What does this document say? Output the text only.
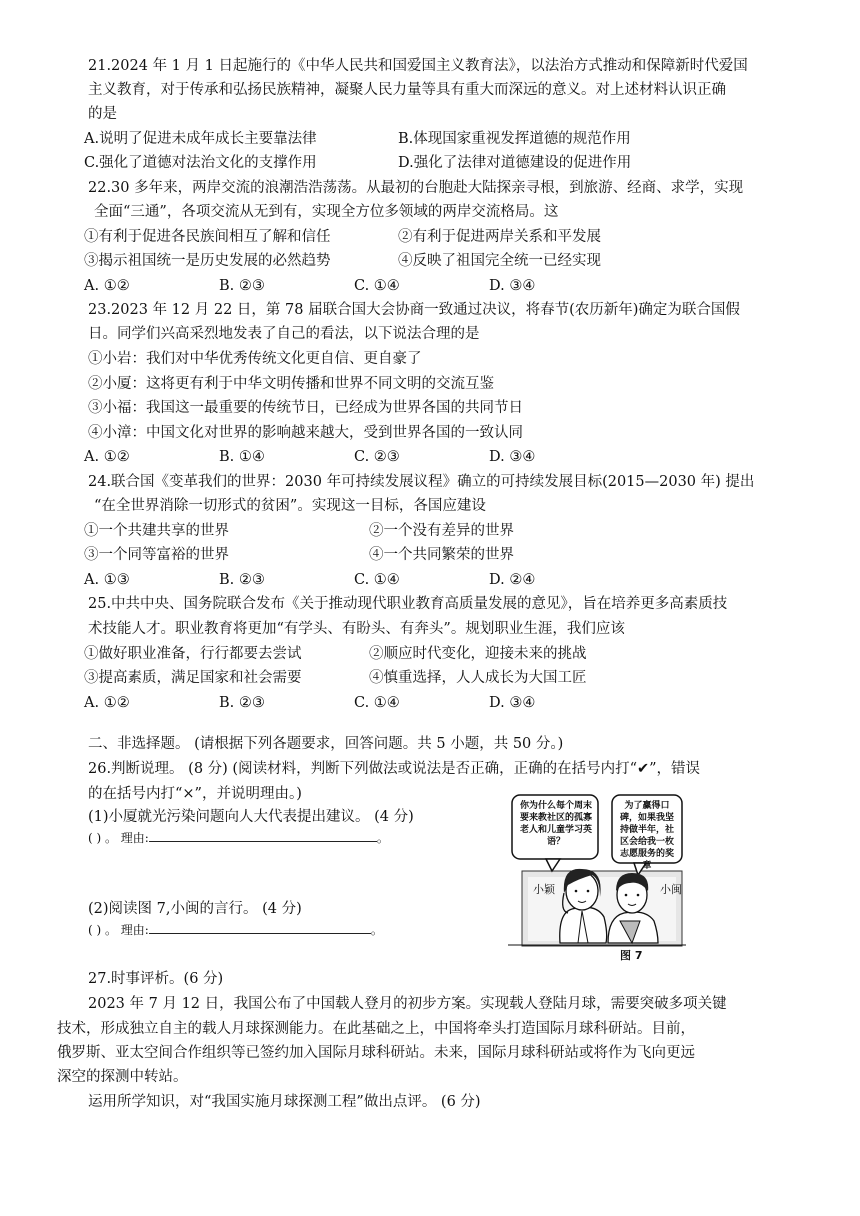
21.2024 年 1 月 1 日起施行的《中华人民共和国爱国主义教育法》，以法治方式推动和保障新时代爱国
主义教育，对于传承和弘扬民族精神，凝聚人民力量等具有重大而深远的意义。对上述材料认识正确
的是
A.说明了促进未成年成长主要靠法律	B.体现国家重视发挥道德的规范作用
C.强化了道德对法治文化的支撑作用	D.强化了法律对道德建设的促进作用
22.30 多年来，两岸交流的浪潮浩浩荡荡。从最初的台胞赴大陆探亲寻根，到旅游、经商、求学，实现
全面“三通”，各项交流从无到有，实现全方位多领域的两岸交流格局。这
①有利于促进各民族间相互了解和信任	②有利于促进两岸关系和平发展
③揭示祖国统一是历史发展的必然趋势	④反映了祖国完全统一已经实现
A. ①②	B. ②③	C. ①④	D. ③④
23.2023 年 12 月 22 日，第 78 届联合国大会协商一致通过决议，将春节(农历新年)确定为联合国假
日。同学们兴高采烈地发表了自己的看法，以下说法合理的是
①小岩：我们对中华优秀传统文化更自信、更自豪了
②小厦：这将更有利于中华文明传播和世界不同文明的交流互鉴
③小福：我国这一最重要的传统节日，已经成为世界各国的共同节日
④小漳：中国文化对世界的影响越来越大，受到世界各国的一致认同
A. ①②	B. ①④	C. ②③	D. ③④
24.联合国《变革我们的世界：2030 年可持续发展议程》确立的可持续发展目标(2015—2030 年) 提出
“在全世界消除一切形式的贫困”。实现这一目标，各国应建设
①一个共建共享的世界	②一个没有差异的世界
③一个同等富裕的世界	④一个共同繁荣的世界
A. ①③	B. ②③	C. ①④	D. ②④
25.中共中央、国务院联合发布《关于推动现代职业教育高质量发展的意见》，旨在培养更多高素质技
术技能人才。职业教育将更加“有学头、有盼头、有奔头”。规划职业生涯，我们应该
①做好职业准备，行行都要去尝试	②顺应时代变化，迎接未来的挑战
③提高素质，满足国家和社会需要	④慎重选择，人人成长为大国工匠
A. ①②	B. ②③	C. ①④	D. ③④
二、非选择题。 (请根据下列各题要求，回答问题。共 5 小题，共 50 分。)
26.判断说理。 (8 分) (阅读材料，判断下列做法或说法是否正确，正确的在括号内打“✔”，错误
的在括号内打“×”，并说明理由。)
(1)小厦就光污染问题向人大代表提出建议。 (4 分)
( ) 。 理由:	。
(2)阅读图 7,小闽的言行。 (4 分)
( ) 。 理由:	。
你为什么每个周末要来教社区的孤寡老人和儿童学习英语？
为了赢得口碑，如果我坚持做半年，社区会给我一枚志愿服务的奖章
小颖	小闽
图 7
27.时事评析。(6 分)
2023 年 7 月 12 日，我国公布了中国载人登月的初步方案。实现载人登陆月球，需要突破多项关键
技术，形成独立自主的载人月球探测能力。在此基础之上，中国将牵头打造国际月球科研站。目前，
俄罗斯、亚太空间合作组织等已签约加入国际月球科研站。未来，国际月球科研站或将作为飞向更远
深空的探测中转站。
运用所学知识，对“我国实施月球探测工程”做出点评。 (6 分)
